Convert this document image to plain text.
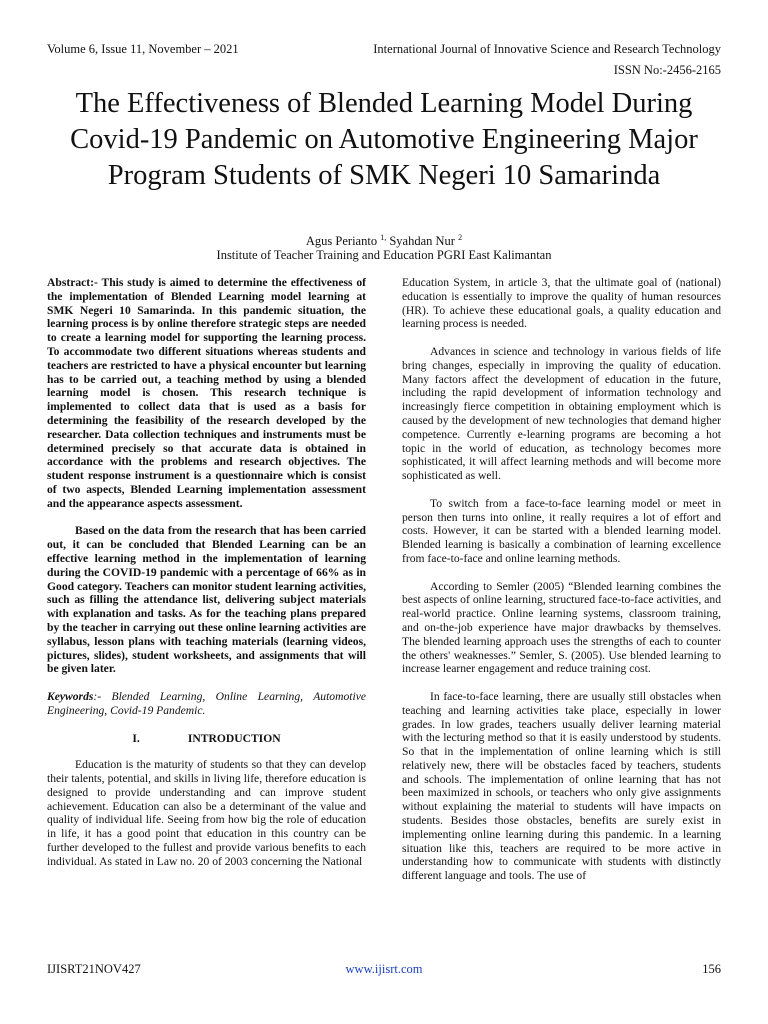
Volume 6, Issue 11, November – 2021	International Journal of Innovative Science and Research Technology
ISSN No:-2456-2165
The Effectiveness of Blended Learning Model During Covid-19 Pandemic on Automotive Engineering Major Program Students of SMK Negeri 10 Samarinda
Agus Perianto $^{1,}$ Syahdan Nur $^2$
Institute of Teacher Training and Education PGRI East Kalimantan

Abstract:- This study is aimed to determine the effectiveness of the implementation of Blended Learning model learning at SMK Negeri 10 Samarinda. In this pandemic situation, the learning process is by online therefore strategic steps are needed to create a learning model for supporting the learning process. To accommodate two different situations whereas students and teachers are restricted to have a physical encounter but learning has to be carried out, a teaching method by using a blended learning model is chosen. This research technique is implemented to collect data that is used as a basis for determining the feasibility of the research developed by the researcher. Data collection techniques and instruments must be determined precisely so that accurate data is obtained in accordance with the problems and research objectives. The student response instrument is a questionnaire which is consist of two aspects, Blended Learning implementation assessment and the appearance aspects assessment.

Based on the data from the research that has been carried out, it can be concluded that Blended Learning can be an effective learning method in the implementation of learning during the COVID-19 pandemic with a percentage of 66% as in Good category. Teachers can monitor student learning activities, such as filling the attendance list, delivering subject materials with explanation and tasks. As for the teaching plans prepared by the teacher in carrying out these online learning activities are syllabus, lesson plans with teaching materials (learning videos, pictures, slides), student worksheets, and assignments that will be given later.

Keywords:- Blended Learning, Online Learning, Automotive Engineering, Covid-19 Pandemic.

I.	INTRODUCTION

Education is the maturity of students so that they can develop their talents, potential, and skills in living life, therefore education is designed to provide understanding and can improve student achievement. Education can also be a determinant of the value and quality of individual life. Seeing from how big the role of education in life, it has a good point that education in this country can be further developed to the fullest and provide various benefits to each individual. As stated in Law no. 20 of 2003 concerning the National

Education System, in article 3, that the ultimate goal of (national) education is essentially to improve the quality of human resources (HR). To achieve these educational goals, a quality education and learning process is needed.

Advances in science and technology in various fields of life bring changes, especially in improving the quality of education. Many factors affect the development of education in the future, including the rapid development of information technology and increasingly fierce competition in obtaining employment which is caused by the development of new technologies that demand higher competence. Currently e-learning programs are becoming a hot topic in the world of education, as technology becomes more sophisticated, it will affect learning methods and will become more sophisticated as well.

To switch from a face-to-face learning model or meet in person then turns into online, it really requires a lot of effort and costs. However, it can be started with a blended learning model. Blended learning is basically a combination of learning excellence from face-to-face and online learning methods.

According to Semler (2005) “Blended learning combines the best aspects of online learning, structured face-to-face activities, and real-world practice. Online learning systems, classroom training, and on-the-job experience have major drawbacks by themselves. The blended learning approach uses the strengths of each to counter the others' weaknesses.” Semler, S. (2005). Use blended learning to increase learner engagement and reduce training cost.

In face-to-face learning, there are usually still obstacles when teaching and learning activities take place, especially in lower grades. In low grades, teachers usually deliver learning material with the lecturing method so that it is easily understood by students. So that in the implementation of online learning which is still relatively new, there will be obstacles faced by teachers, students and schools. The implementation of online learning that has not been maximized in schools, or teachers who only give assignments without explaining the material to students will have impacts on students. Besides those obstacles, benefits are surely exist in implementing online learning during this pandemic. In a learning situation like this, teachers are required to be more active in understanding how to communicate with students with distinctly different language and tools. The use of

IJISRT21NOV427	www.ijisrt.com	156
